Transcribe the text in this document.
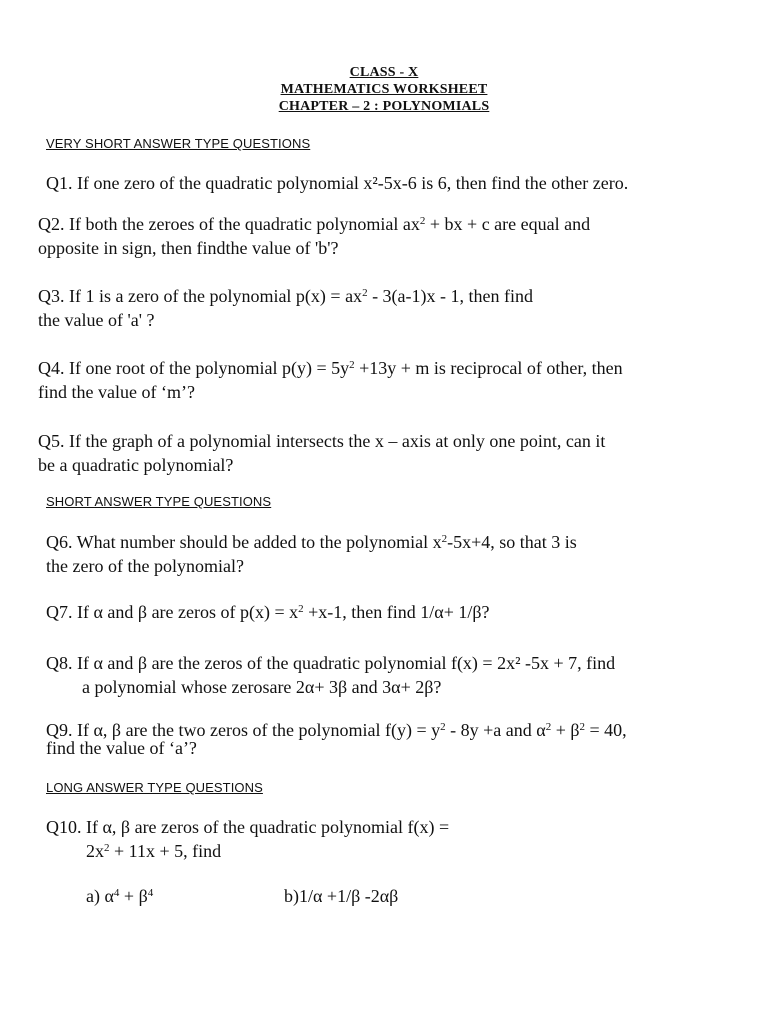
CLASS - X
MATHEMATICS WORKSHEET
CHAPTER – 2 : POLYNOMIALS
VERY SHORT ANSWER TYPE QUESTIONS
Q1. If one zero of the quadratic polynomial x²-5x-6 is 6, then find the other zero.
Q2. If both the zeroes of the quadratic polynomial $ax^2$ + bx + c are equal and
opposite in sign, then findthe value of 'b'?
Q3. If 1 is a zero of the polynomial $p(x) = ax^2 - 3(a-1)x - 1$, then find
the value of 'a' ?
Q4. If one root of the polynomial $p(y) = 5y^2 +13y + m$ is reciprocal of other, then
find the value of ‘m’?
Q5. If the graph of a polynomial intersects the x – axis at only one point, can it
be a quadratic polynomial?
SHORT ANSWER TYPE QUESTIONS
Q6. What number should be added to the polynomial $x^2-5x+4$, so that 3 is
the zero of the polynomial?
Q7. If α and β are zeros of $p(x) = x^2 +x-1$, then find 1/α+ 1/β?
Q8. If α and β are the zeros of the quadratic polynomial f(x) = 2x² -5x + 7, find
a polynomial whose zerosare 2α+ 3β and 3α+ 2β?
Q9. If α, β are the two zeros of the polynomial $f(y) = y^2 - 8y +a$ and $\alpha^2 + \beta^2 = 40$,
find the value of ‘a’?
LONG ANSWER TYPE QUESTIONS
Q10. If α, β are zeros of the quadratic polynomial f(x) =
$2x^2 + 11x + 5$, find
a) $\alpha^4 + \beta^4$	b)1/α +1/β -2αβ
